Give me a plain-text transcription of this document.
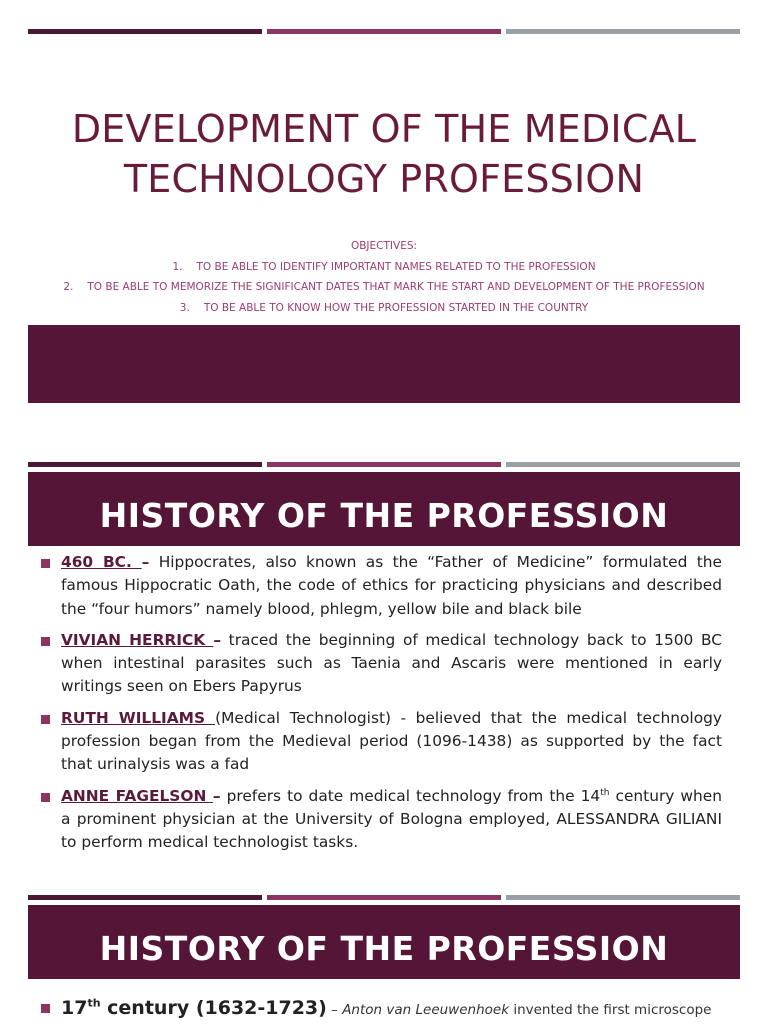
DEVELOPMENT OF THE MEDICAL
TECHNOLOGY PROFESSION
OBJECTIVES:
1. TO BE ABLE TO IDENTIFY IMPORTANT NAMES RELATED TO THE PROFESSION
2. TO BE ABLE TO MEMORIZE THE SIGNIFICANT DATES THAT MARK THE START AND DEVELOPMENT OF THE PROFESSION
3. TO BE ABLE TO KNOW HOW THE PROFESSION STARTED IN THE COUNTRY
HISTORY OF THE PROFESSION
460 BC. – Hippocrates, also known as the “Father of Medicine” formulated the famous Hippocratic Oath, the code of ethics for practicing physicians and described the “four humors” namely blood, phlegm, yellow bile and black bile
VIVIAN HERRICK – traced the beginning of medical technology back to 1500 BC when intestinal parasites such as Taenia and Ascaris were mentioned in early writings seen on Ebers Papyrus
RUTH WILLIAMS (Medical Technologist) - believed that the medical technology profession began from the Medieval period (1096-1438) as supported by the fact that urinalysis was a fad
ANNE FAGELSON – prefers to date medical technology from the 14th century when a prominent physician at the University of Bologna employed, ALESSANDRA GILIANI to perform medical technologist tasks.
HISTORY OF THE PROFESSION
17th century (1632-1723) – Anton van Leeuwenhoek invented the first microscope
